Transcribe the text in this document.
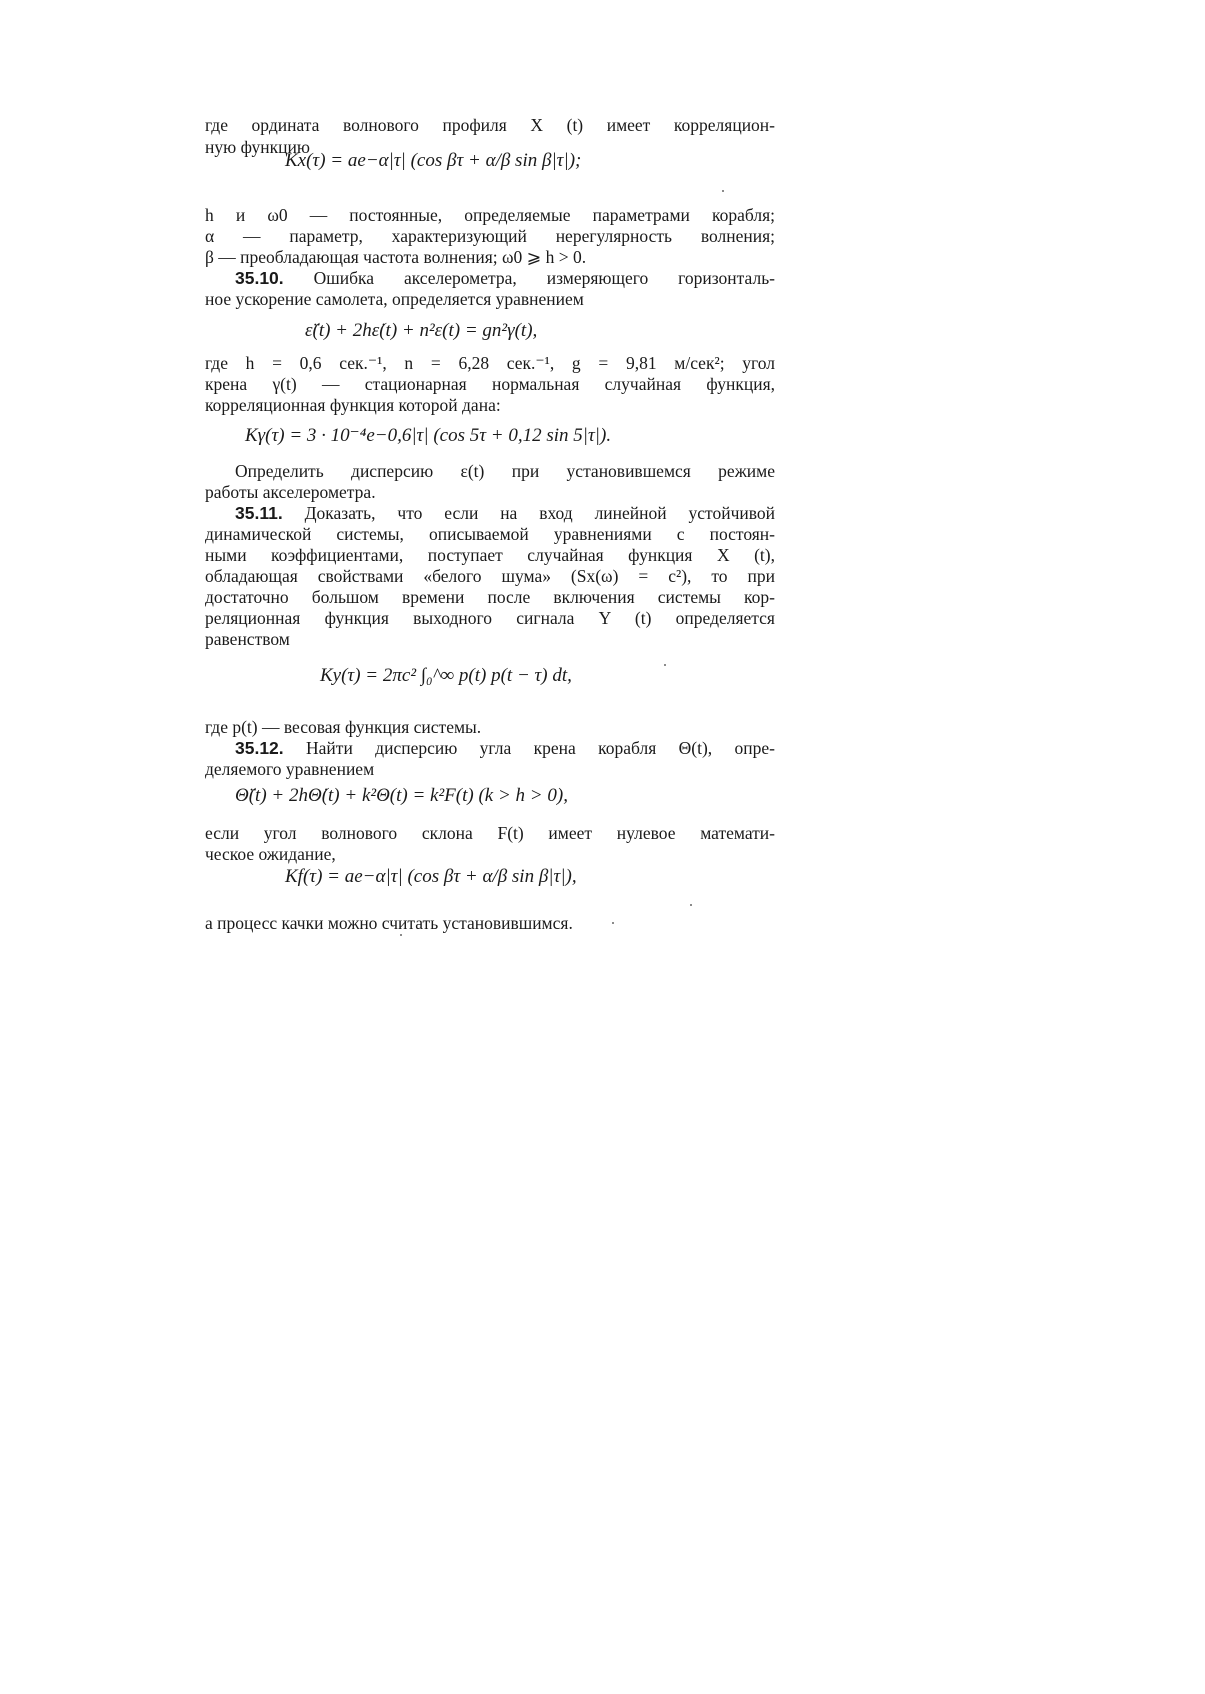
где ордината волнового профиля X (t) имеет корреляцион-
ную функцию
Kx(τ) = ae−α|τ| (cos βτ + α/β sin β|τ|);
h и ω0 — постоянные, определяемые параметрами корабля;
α — параметр, характеризующий нерегулярность волнения;
β — преобладающая частота волнения; ω0 ⩾ h > 0.
35.10. Ошибка акселерометра, измеряющего горизонталь-
ное ускорение самолета, определяется уравнением
ε̈(t) + 2hε̇(t) + n²ε(t) = gn²γ(t),
где h = 0,6 сек.⁻¹, n = 6,28 сек.⁻¹, g = 9,81 м/сек²; угол
крена γ(t) — стационарная нормальная случайная функция,
корреляционная функция которой дана:
Kγ(τ) = 3 · 10⁻⁴e−0,6|τ| (cos 5τ + 0,12 sin 5|τ|).
Определить дисперсию ε(t) при установившемся режиме
работы акселерометра.
35.11. Доказать, что если на вход линейной устойчивой
динамической системы, описываемой уравнениями с постоян-
ными коэффициентами, поступает случайная функция X (t),
обладающая свойствами «белого шума» (Sx(ω) = c²), то при
достаточно большом времени после включения системы кор-
реляционная функция выходного сигнала Y (t) определяется
равенством
Ky(τ) = 2πc² ∫₀^∞ p(t) p(t − τ) dt,
где p(t) — весовая функция системы.
35.12. Найти дисперсию угла крена корабля Θ(t), опре-
деляемого уравнением
Θ̈(t) + 2hΘ̇(t) + k²Θ(t) = k²F(t) (k > h > 0),
если угол волнового склона F(t) имеет нулевое математи-
ческое ожидание,
Kf(τ) = ae−α|τ| (cos βτ + α/β sin β|τ|),
а процесс качки можно считать установившимся.
